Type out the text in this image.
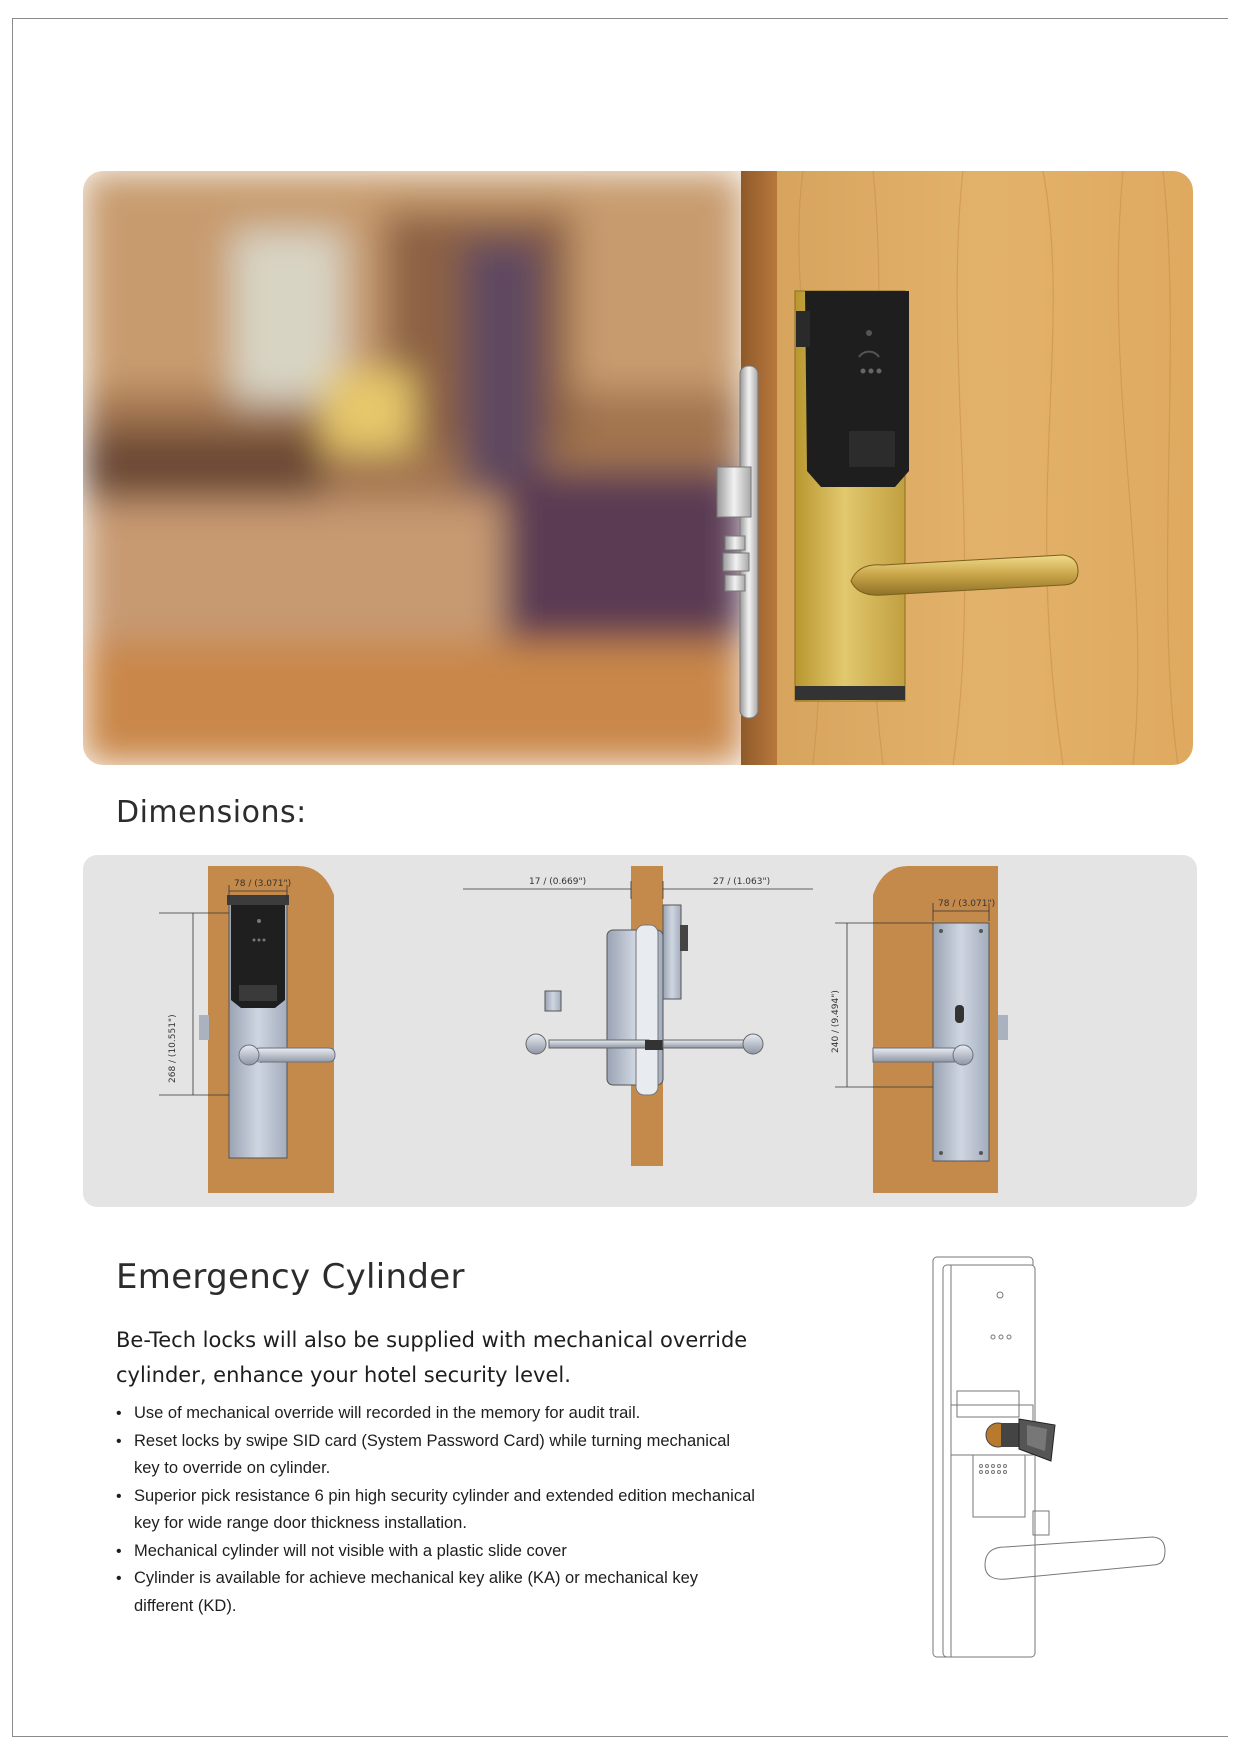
Dimensions:
78 / (3.071")
268 / (10.551")
17 / (0.669")	27 / (1.063")
78 / (3.071")
240 / (9.494")
Emergency Cylinder

Be-Tech locks will also be supplied with mechanical override cylinder, enhance your hotel security level.

• Use of mechanical override will recorded in the memory for audit trail.
• Reset locks by swipe SID card (System Password Card) while turning mechanical key to override on cylinder.
• Superior pick resistance 6 pin high security cylinder and extended edition mechanical key for wide range door thickness installation.
• Mechanical cylinder will not visible with a plastic slide cover
• Cylinder is available for achieve mechanical key alike (KA) or mechanical key different (KD).
